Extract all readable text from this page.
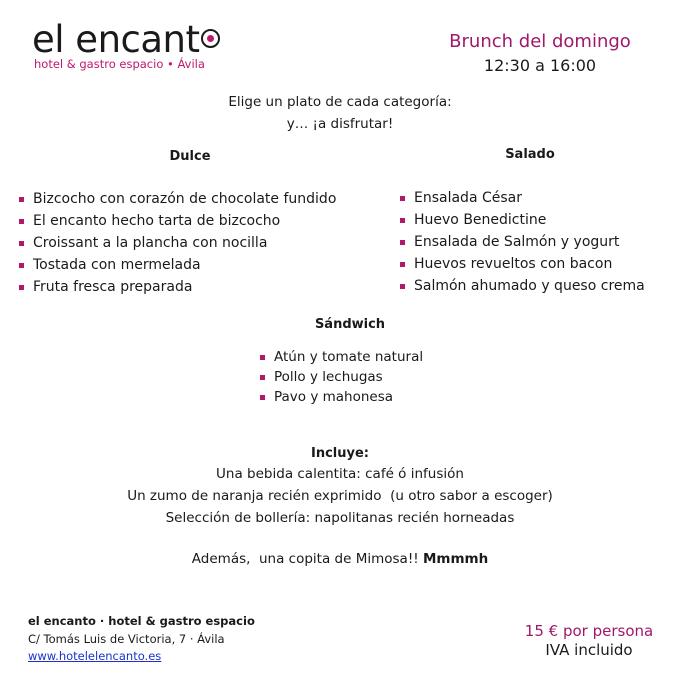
el encant
hotel & gastro espacio • Ávila
Brunch del domingo
12:30 a 16:00
Elige un plato de cada categoría:
y… ¡a disfrutar!
Dulce
Bizcocho con corazón de chocolate fundido
El encanto hecho tarta de bizcocho
Croissant a la plancha con nocilla
Tostada con mermelada
Fruta fresca preparada
Salado
Ensalada César
Huevo Benedictine
Ensalada de Salmón y yogurt
Huevos revueltos con bacon
Salmón ahumado y queso crema
Sándwich
Atún y tomate natural
Pollo y lechugas
Pavo y mahonesa
Incluye:
Una bebida calentita: café ó infusión
Un zumo de naranja recién exprimido  (u otro sabor a escoger)
Selección de bollería: napolitanas recién horneadas
Además,  una copita de Mimosa!! Mmmmh
el encanto · hotel & gastro espacio
C/ Tomás Luis de Victoria, 7 · Ávila
www.hotelelencanto.es
15 € por persona
IVA incluido
